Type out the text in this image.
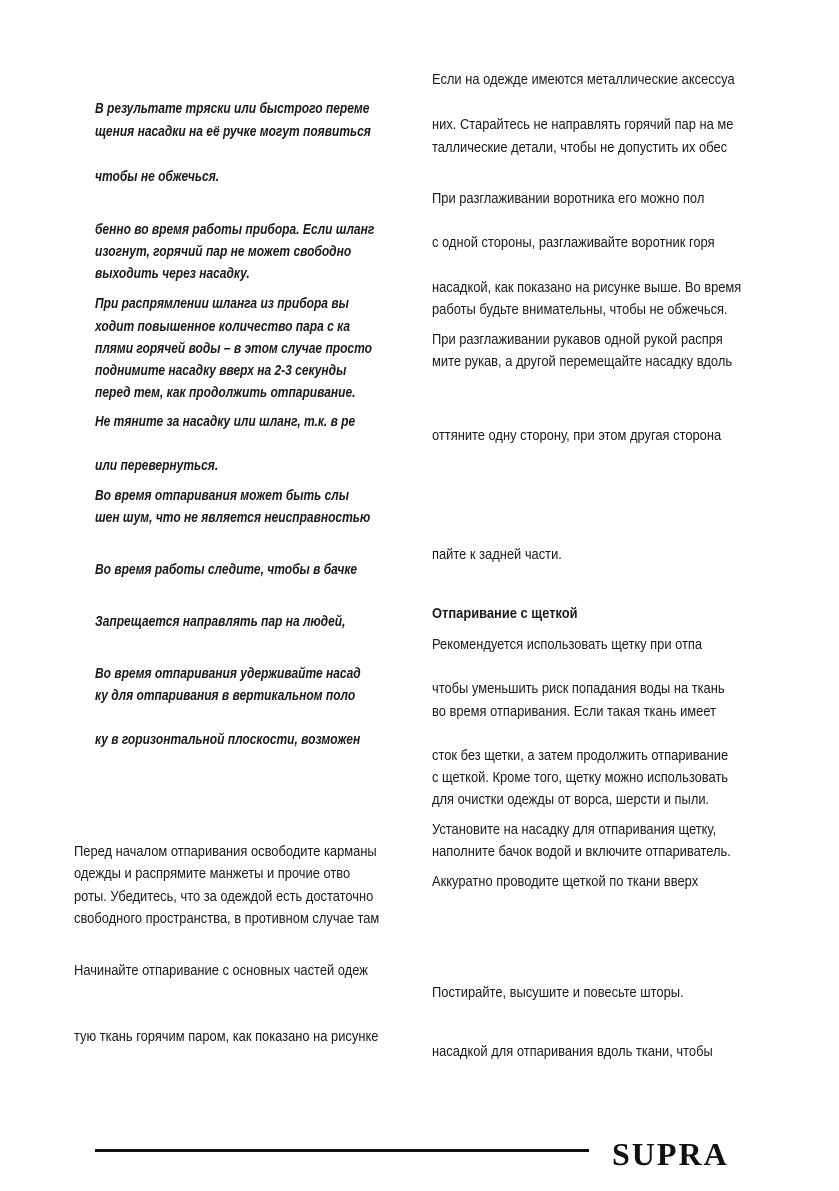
В результате тряски или быстрого переме
щения насадки на её ручке могут появиться
чтобы не обжечься.
бенно во время работы прибора. Если шланг
изогнут, горячий пар не может свободно
выходить через насадку.
При распрямлении шланга из прибора вы
ходит повышенное количество пара с ка
плями горячей воды – в этом случае просто
поднимите насадку вверх на 2-3 секунды
перед тем, как продолжить отпаривание.
Не тяните за насадку или шланг, т.к. в ре
или перевернуться.
Во время отпаривания может быть слы
шен шум, что не является неисправностью
Во время работы следите, чтобы в бачке
Запрещается направлять пар на людей,
Во время отпаривания удерживайте насад
ку для отпаривания в вертикальном поло
ку в горизонтальной плоскости, возможен
Перед началом отпаривания освободите карманы
одежды и распрямите манжеты и прочие отво
роты. Убедитесь, что за одеждой есть достаточно
свободного пространства, в противном случае там
Начинайте отпаривание с основных частей одеж
тую ткань горячим паром, как показано на рисунке
Если на одежде имеются металлические аксессуа
них. Старайтесь не направлять горячий пар на ме
таллические детали, чтобы не допустить их обес
При разглаживании воротника его можно пол
с одной стороны, разглаживайте воротник горя
насадкой, как показано на рисунке выше. Во время
работы будьте внимательны, чтобы не обжечься.
При разглаживании рукавов одной рукой распря
мите рукав, а другой перемещайте насадку вдоль
оттяните одну сторону, при этом другая сторона
пайте к задней части.
Отпаривание с щеткой
Рекомендуется использовать щетку при отпа
чтобы уменьшить риск попадания воды на ткань
во время отпаривания. Если такая ткань имеет
сток без щетки, а затем продолжить отпаривание
с щеткой. Кроме того, щетку можно использовать
для очистки одежды от ворса, шерсти и пыли.
Установите на насадку для отпаривания щетку,
наполните бачок водой и включите отпариватель.
Аккуратно проводите щеткой по ткани вверх
Постирайте, высушите и повесьте шторы.
насадкой для отпаривания вдоль ткани, чтобы
SUPRA
